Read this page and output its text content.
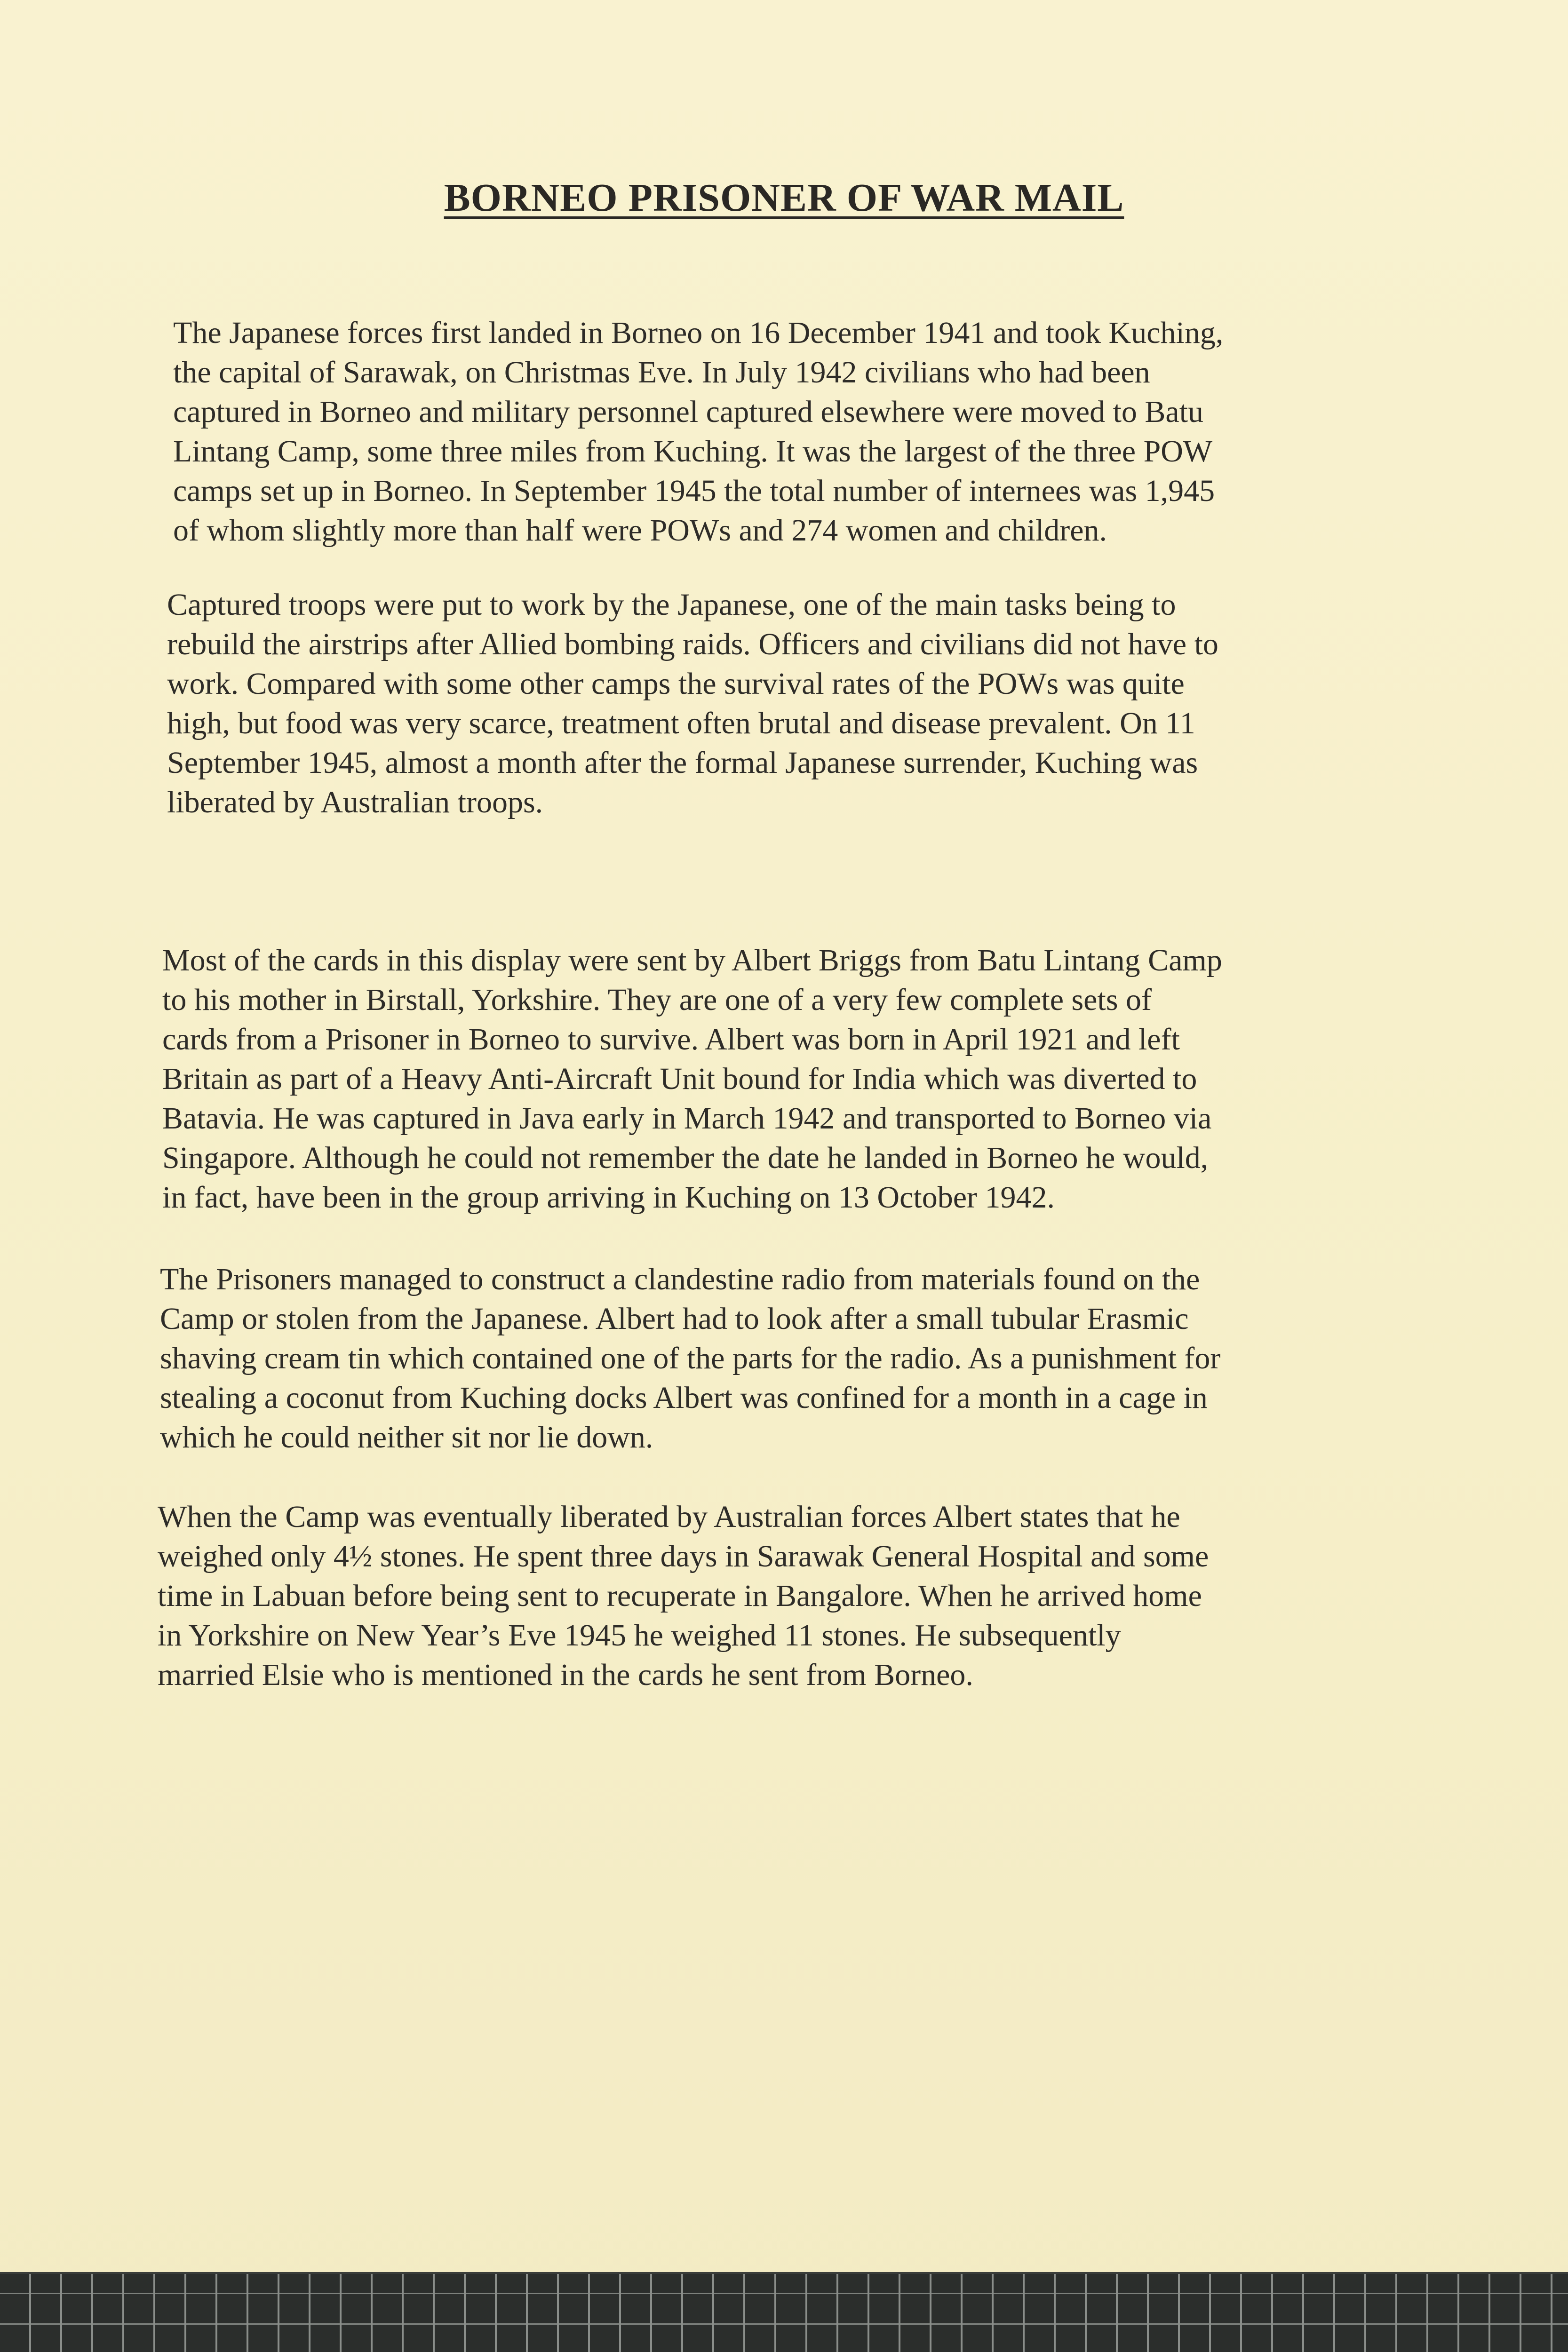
BORNEO PRISONER OF WAR MAIL
The Japanese forces first landed in Borneo on 16 December 1941 and took Kuching,
the capital of Sarawak, on Christmas Eve. In July 1942 civilians who had been
captured in Borneo and military personnel captured elsewhere were moved to Batu
Lintang Camp, some three miles from Kuching. It was the largest of the three POW
camps set up in Borneo. In September 1945 the total number of internees was 1,945
of whom slightly more than half were POWs and 274 women and children.
Captured troops were put to work by the Japanese, one of the main tasks being to
rebuild the airstrips after Allied bombing raids. Officers and civilians did not have to
work. Compared with some other camps the survival rates of the POWs was quite
high, but food was very scarce, treatment often brutal and disease prevalent. On 11
September 1945, almost a month after the formal Japanese surrender, Kuching was
liberated by Australian troops.
Most of the cards in this display were sent by Albert Briggs from Batu Lintang Camp
to his mother in Birstall, Yorkshire. They are one of a very few complete sets of
cards from a Prisoner in Borneo to survive. Albert was born in April 1921 and left
Britain as part of a Heavy Anti-Aircraft Unit bound for India which was diverted to
Batavia. He was captured in Java early in March 1942 and transported to Borneo via
Singapore. Although he could not remember the date he landed in Borneo he would,
in fact, have been in the group arriving in Kuching on 13 October 1942.
The Prisoners managed to construct a clandestine radio from materials found on the
Camp or stolen from the Japanese. Albert had to look after a small tubular Erasmic
shaving cream tin which contained one of the parts for the radio. As a punishment for
stealing a coconut from Kuching docks Albert was confined for a month in a cage in
which he could neither sit nor lie down.
When the Camp was eventually liberated by Australian forces Albert states that he
weighed only 4½ stones. He spent three days in Sarawak General Hospital and some
time in Labuan before being sent to recuperate in Bangalore. When he arrived home
in Yorkshire on New Year’s Eve 1945 he weighed 11 stones. He subsequently
married Elsie who is mentioned in the cards he sent from Borneo.
